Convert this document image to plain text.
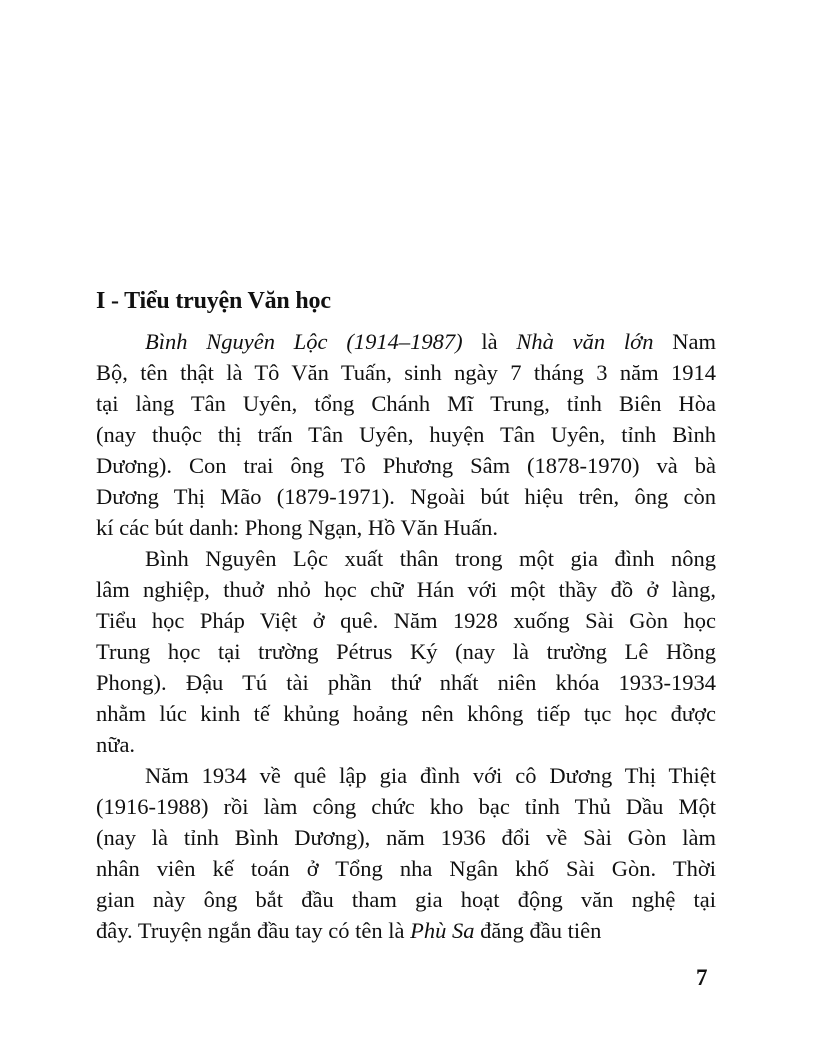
I - Tiểu truyện Văn học
Bình Nguyên Lộc (1914–1987) là Nhà văn lớn Nam
Bộ, tên thật là Tô Văn Tuấn, sinh ngày 7 tháng 3 năm 1914
tại làng Tân Uyên, tổng Chánh Mĩ Trung, tỉnh Biên Hòa
(nay thuộc thị trấn Tân Uyên, huyện Tân Uyên, tỉnh Bình
Dương). Con trai ông Tô Phương Sâm (1878-1970) và bà
Dương Thị Mão (1879-1971). Ngoài bút hiệu trên, ông còn
kí các bút danh: Phong Ngạn, Hồ Văn Huấn.
Bình Nguyên Lộc xuất thân trong một gia đình nông
lâm nghiệp, thuở nhỏ học chữ Hán với một thầy đồ ở làng,
Tiểu học Pháp Việt ở quê. Năm 1928 xuống Sài Gòn học
Trung học tại trường Pétrus Ký (nay là trường Lê Hồng
Phong). Đậu Tú tài phần thứ nhất niên khóa 1933-1934
nhằm lúc kinh tế khủng hoảng nên không tiếp tục học được
nữa.
Năm 1934 về quê lập gia đình với cô Dương Thị Thiệt
(1916-1988) rồi làm công chức kho bạc tỉnh Thủ Dầu Một
(nay là tỉnh Bình Dương), năm 1936 đổi về Sài Gòn làm
nhân viên kế toán ở Tổng nha Ngân khố Sài Gòn. Thời
gian này ông bắt đầu tham gia hoạt động văn nghệ tại
đây. Truyện ngắn đầu tay có tên là Phù Sa đăng đầu tiên
7
